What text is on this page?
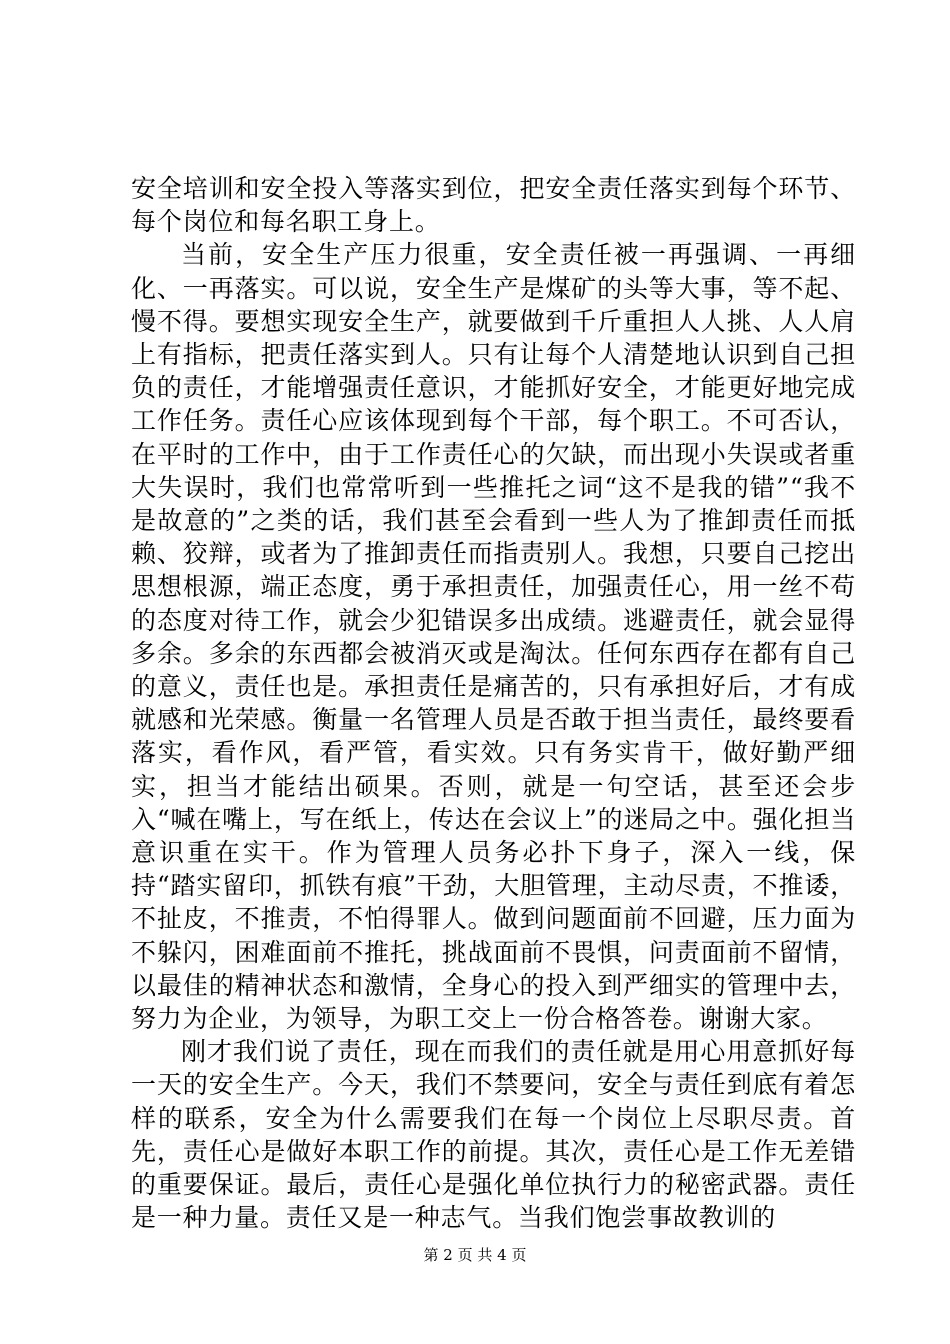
安全培训和安全投入等落实到位，把安全责任落实到每个环节、每个岗位和每名职工身上。

当前，安全生产压力很重，安全责任被一再强调、一再细化、一再落实。可以说，安全生产是煤矿的头等大事，等不起、慢不得。要想实现安全生产，就要做到千斤重担人人挑、人人肩上有指标，把责任落实到人。只有让每个人清楚地认识到自己担负的责任，才能增强责任意识，才能抓好安全，才能更好地完成工作任务。责任心应该体现到每个干部，每个职工。不可否认，在平时的工作中，由于工作责任心的欠缺，而出现小失误或者重大失误时，我们也常常听到一些推托之词“这不是我的错”“我不是故意的”之类的话，我们甚至会看到一些人为了推卸责任而抵赖、狡辩，或者为了推卸责任而指责别人。我想，只要自己挖出思想根源，端正态度，勇于承担责任，加强责任心，用一丝不苟的态度对待工作，就会少犯错误多出成绩。逃避责任，就会显得多余。多余的东西都会被消灭或是淘汰。任何东西存在都有自己的意义，责任也是。承担责任是痛苦的，只有承担好后，才有成就感和光荣感。衡量一名管理人员是否敢于担当责任，最终要看落实，看作风，看严管，看实效。只有务实肯干，做好勤严细实，担当才能结出硕果。否则，就是一句空话，甚至还会步入“喊在嘴上，写在纸上，传达在会议上”的迷局之中。强化担当意识重在实干。作为管理人员务必扑下身子，深入一线，保持“踏实留印，抓铁有痕”干劲，大胆管理，主动尽责，不推诿，不扯皮，不推责，不怕得罪人。做到问题面前不回避，压力面为不躲闪，困难面前不推托，挑战面前不畏惧，问责面前不留情，以最佳的精神状态和激情，全身心的投入到严细实的管理中去，努力为企业，为领导，为职工交上一份合格答卷。谢谢大家。

刚才我们说了责任，现在而我们的责任就是用心用意抓好每一天的安全生产。今天，我们不禁要问，安全与责任到底有着怎样的联系，安全为什么需要我们在每一个岗位上尽职尽责。首先，责任心是做好本职工作的前提。其次，责任心是工作无差错的重要保证。最后，责任心是强化单位执行力的秘密武器。责任是一种力量。责任又是一种志气。当我们饱尝事故教训的

第 2 页 共 4 页
